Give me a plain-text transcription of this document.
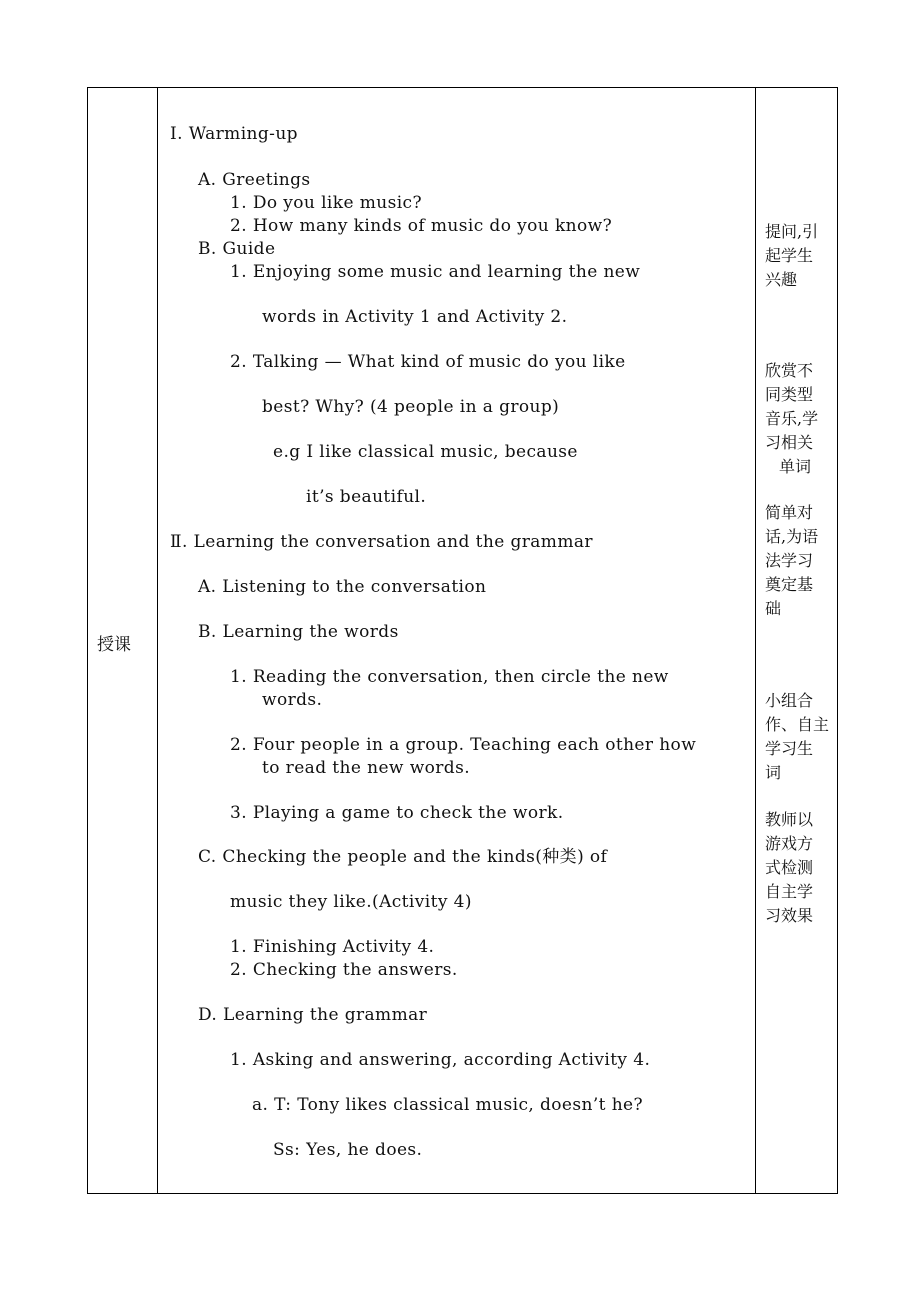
授课
Ⅰ. Warming-up
A. Greetings
1. Do you like music?
2. How many kinds of music do you know?
B. Guide
1. Enjoying some music and learning the new
words in Activity 1 and Activity 2.
2. Talking — What kind of music do you like
best? Why? (4 people in a group)
e.g I like classical music, because
it’s beautiful.
Ⅱ. Learning the conversation and the grammar
A. Listening to the conversation
B. Learning the words
1. Reading the conversation, then circle the new
words.
2. Four people in a group. Teaching each other how
to read the new words.
3. Playing a game to check the work.
C. Checking the people and the kinds(种类) of
music they like.(Activity 4)
1. Finishing Activity 4.
2. Checking the answers.
D. Learning the grammar
1. Asking and answering, according Activity 4.
a. T: Tony likes classical music, doesn’t he?
Ss: Yes, he does.
提问,引
起学生
兴趣
欣赏不
同类型
音乐,学
习相关
单词
简单对
话,为语
法学习
奠定基
础
小组合
作、自主
学习生
词
教师以
游戏方
式检测
自主学
习效果
